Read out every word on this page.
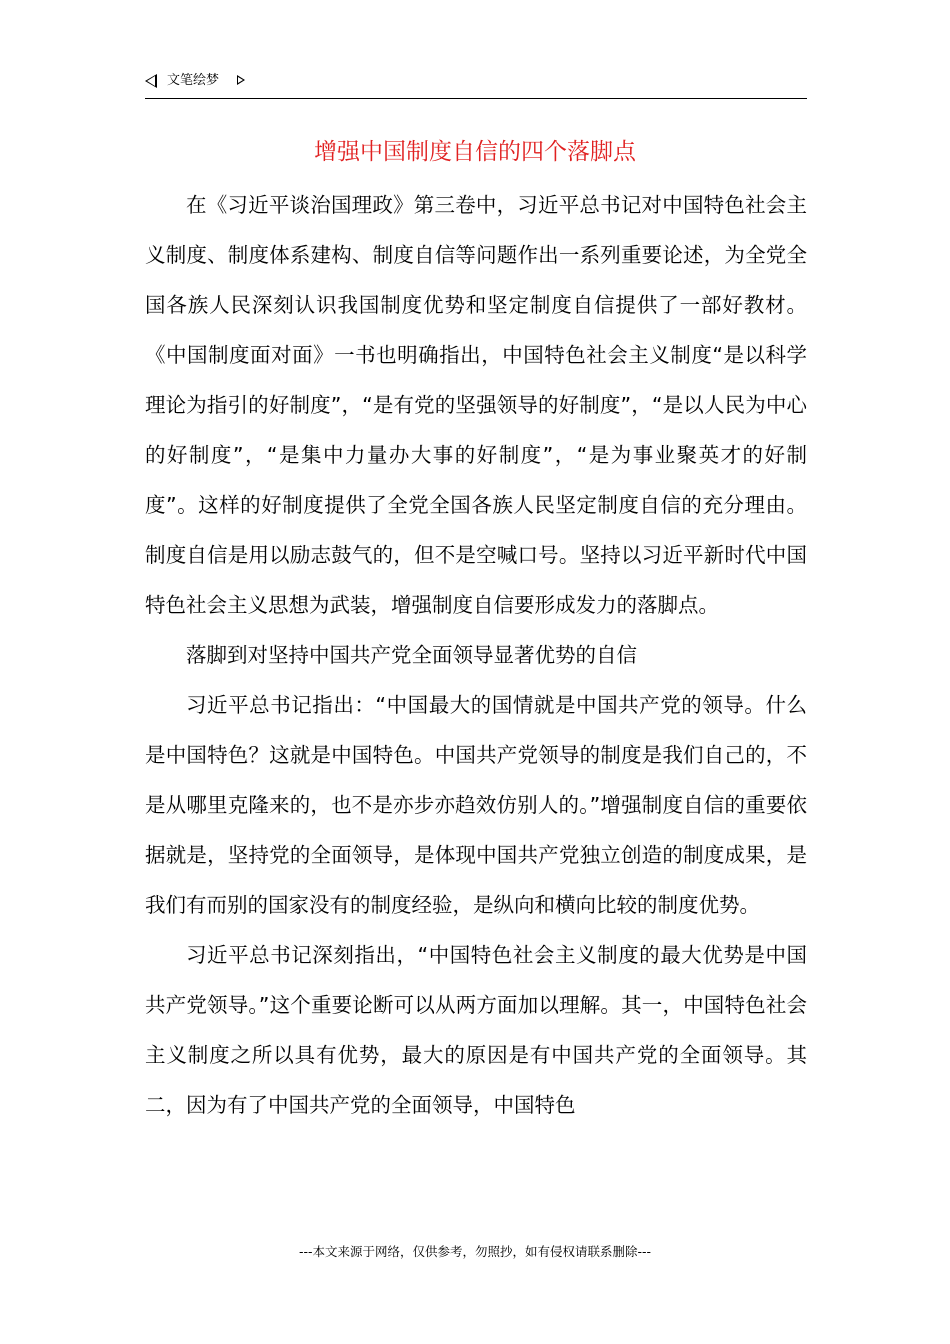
文笔绘梦
增强中国制度自信的四个落脚点

在《习近平谈治国理政》第三卷中，习近平总书记对中国特色社会主义制度、制度体系建构、制度自信等问题作出一系列重要论述，为全党全国各族人民深刻认识我国制度优势和坚定制度自信提供了一部好教材。《中国制度面对面》一书也明确指出，中国特色社会主义制度“是以科学理论为指引的好制度”，“是有党的坚强领导的好制度”，“是以人民为中心的好制度”，“是集中力量办大事的好制度”，“是为事业聚英才的好制度”。这样的好制度提供了全党全国各族人民坚定制度自信的充分理由。制度自信是用以励志鼓气的，但不是空喊口号。坚持以习近平新时代中国特色社会主义思想为武装，增强制度自信要形成发力的落脚点。

落脚到对坚持中国共产党全面领导显著优势的自信

习近平总书记指出：“中国最大的国情就是中国共产党的领导。什么是中国特色？这就是中国特色。中国共产党领导的制度是我们自己的，不是从哪里克隆来的，也不是亦步亦趋效仿别人的。”增强制度自信的重要依据就是，坚持党的全面领导，是体现中国共产党独立创造的制度成果，是我们有而别的国家没有的制度经验，是纵向和横向比较的制度优势。

习近平总书记深刻指出，“中国特色社会主义制度的最大优势是中国共产党领导。”这个重要论断可以从两方面加以理解。其一，中国特色社会主义制度之所以具有优势，最大的原因是有中国共产党的全面领导。其二，因为有了中国共产党的全面领导，中国特色

---本文来源于网络，仅供参考，勿照抄，如有侵权请联系删除---
